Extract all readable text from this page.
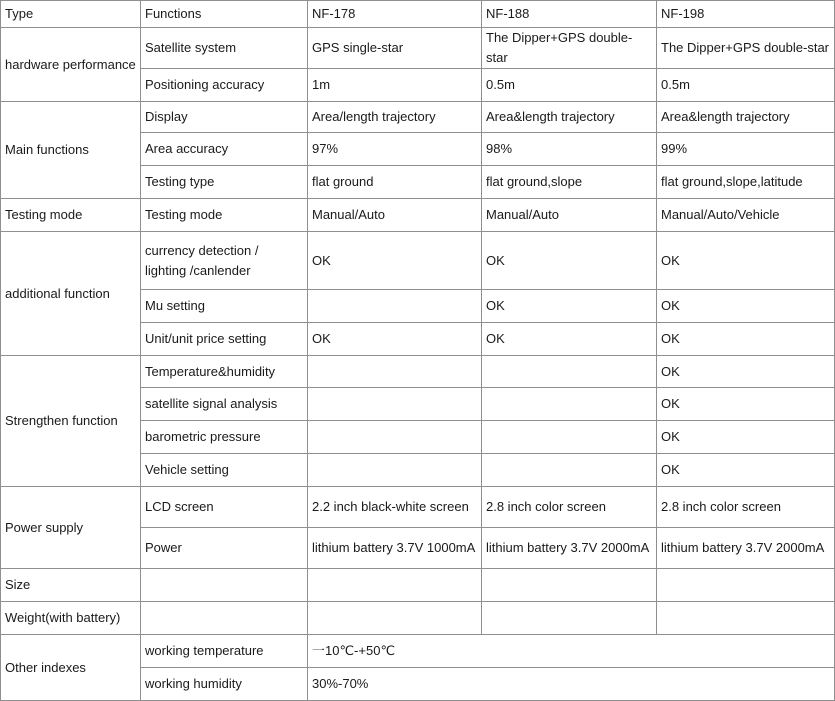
Type	Functions	NF-178	NF-188	NF-198
hardware performance	Satellite system	GPS single-star	The Dipper+GPS double-star	The Dipper+GPS double-star
	Positioning accuracy	1m	0.5m	0.5m
Main functions	Display	Area/length trajectory	Area&length trajectory	Area&length trajectory
	Area accuracy	97%	98%	99%
	Testing type	flat ground	flat ground,slope	flat ground,slope,latitude
Testing mode	Testing mode	Manual/Auto	Manual/Auto	Manual/Auto/Vehicle
additional function	currency detection / lighting /canlender	OK	OK	OK
	Mu setting		OK	OK
	Unit/unit price setting	OK	OK	OK
Strengthen function	Temperature&humidity			OK
	satellite signal analysis			OK
	barometric pressure			OK
	Vehicle setting			OK
Power supply	LCD screen	2.2 inch black-white screen	2.8 inch color screen	2.8 inch color screen
	Power	lithium battery 3.7V 1000mA	lithium battery 3.7V 2000mA	lithium battery 3.7V 2000mA
Size				
Weight(with battery)				
Other indexes	working temperature	一10℃-+50℃		
	working humidity	30%-70%		
